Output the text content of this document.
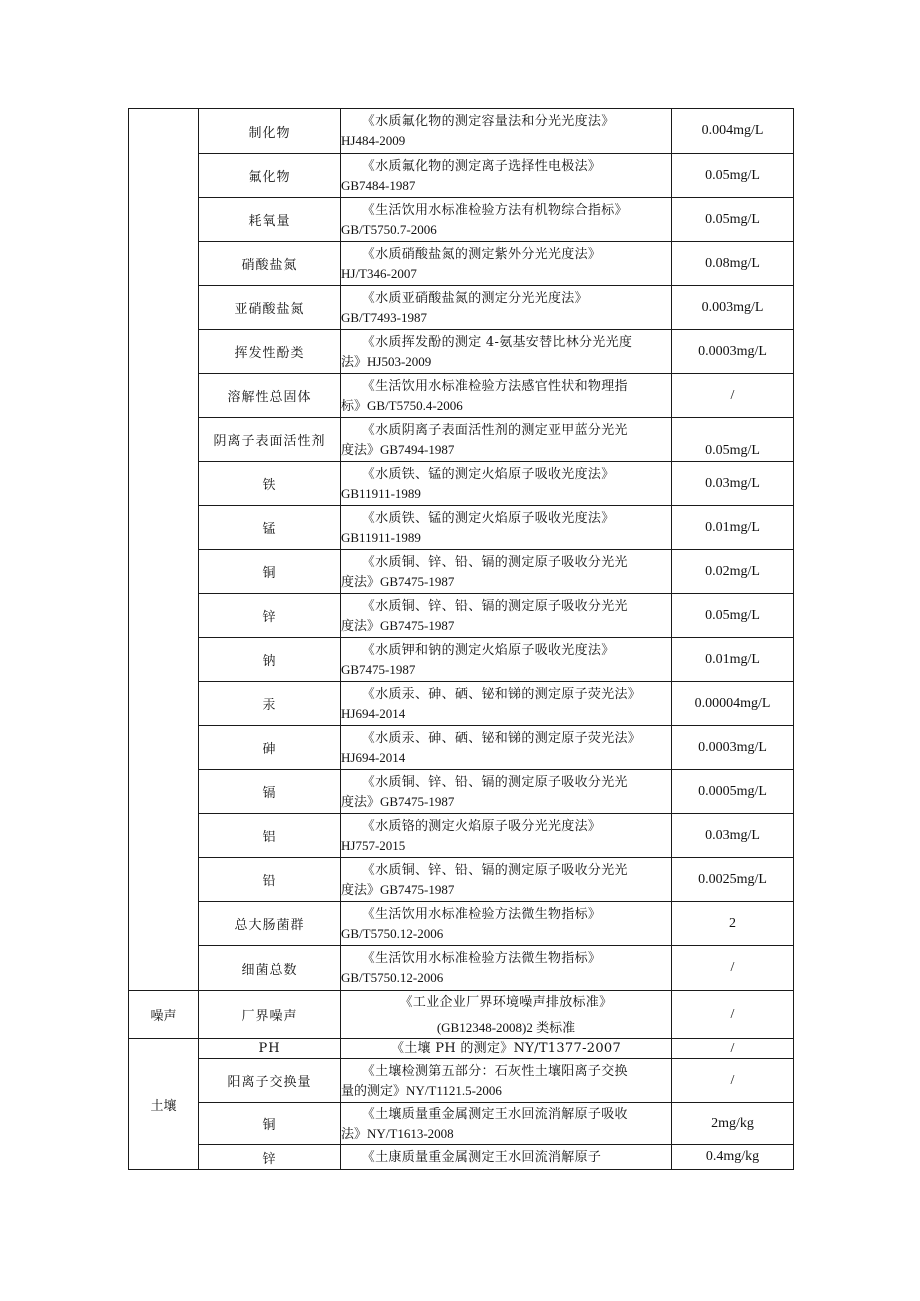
	制化物	《水质氟化物的测定容量法和分光光度法》
HJ484-2009	0.004mg/L
	氟化物	《水质氟化物的测定离子选择性电极法》
GB7484-1987	0.05mg/L
	耗氧量	《生活饮用水标准检验方法有机物综合指标》
GB/T5750.7-2006	0.05mg/L
	硝酸盐氮	《水质硝酸盐氮的测定紫外分光光度法》
HJ/T346-2007	0.08mg/L
	亚硝酸盐氮	《水质亚硝酸盐氮的测定分光光度法》
GB/T7493-1987	0.003mg/L
	挥发性酚类	《水质挥发酚的测定 4-氨基安替比林分光光度
法》HJ503-2009	0.0003mg/L
	溶解性总固体	《生活饮用水标准检验方法感官性状和物理指
标》GB/T5750.4-2006	/
	阴离子表面活性剂	《水质阴离子表面活性剂的测定亚甲蓝分光光
度法》GB7494-1987	0.05mg/L
	铁	《水质铁、锰的测定火焰原子吸收光度法》
GB11911-1989	0.03mg/L
	锰	《水质铁、锰的测定火焰原子吸收光度法》
GB11911-1989	0.01mg/L
	铜	《水质铜、锌、铅、镉的测定原子吸收分光光
度法》GB7475-1987	0.02mg/L
	锌	《水质铜、锌、铅、镉的测定原子吸收分光光
度法》GB7475-1987	0.05mg/L
	钠	《水质钾和钠的测定火焰原子吸收光度法》
GB7475-1987	0.01mg/L
	汞	《水质汞、砷、硒、铋和锑的测定原子荧光法》
HJ694-2014	0.00004mg/L
	砷	《水质汞、砷、硒、铋和锑的测定原子荧光法》
HJ694-2014	0.0003mg/L
	镉	《水质铜、锌、铅、镉的测定原子吸收分光光
度法》GB7475-1987	0.0005mg/L
	铝	《水质铬的测定火焰原子吸分光光度法》
HJ757-2015	0.03mg/L
	铅	《水质铜、锌、铅、镉的测定原子吸收分光光
度法》GB7475-1987	0.0025mg/L
	总大肠菌群	《生活饮用水标准检验方法微生物指标》
GB/T5750.12-2006	2
	细菌总数	《生活饮用水标准检验方法微生物指标》
GB/T5750.12-2006	/
噪声	厂界噪声	《工业企业厂界环境噪声排放标准》
(GB12348-2008)2 类标准	/
土壤	PH	《土壤 PH 的测定》NY/T1377-2007	/
	阳离子交换量	《土壤检测第五部分：石灰性土壤阳离子交换
量的测定》NY/T1121.5-2006	/
	铜	《土壤质量重金属测定王水回流消解原子吸收
法》NY/T1613-2008	2mg/kg
	锌	《土康质量重金属测定王水回流消解原子	0.4mg/kg
